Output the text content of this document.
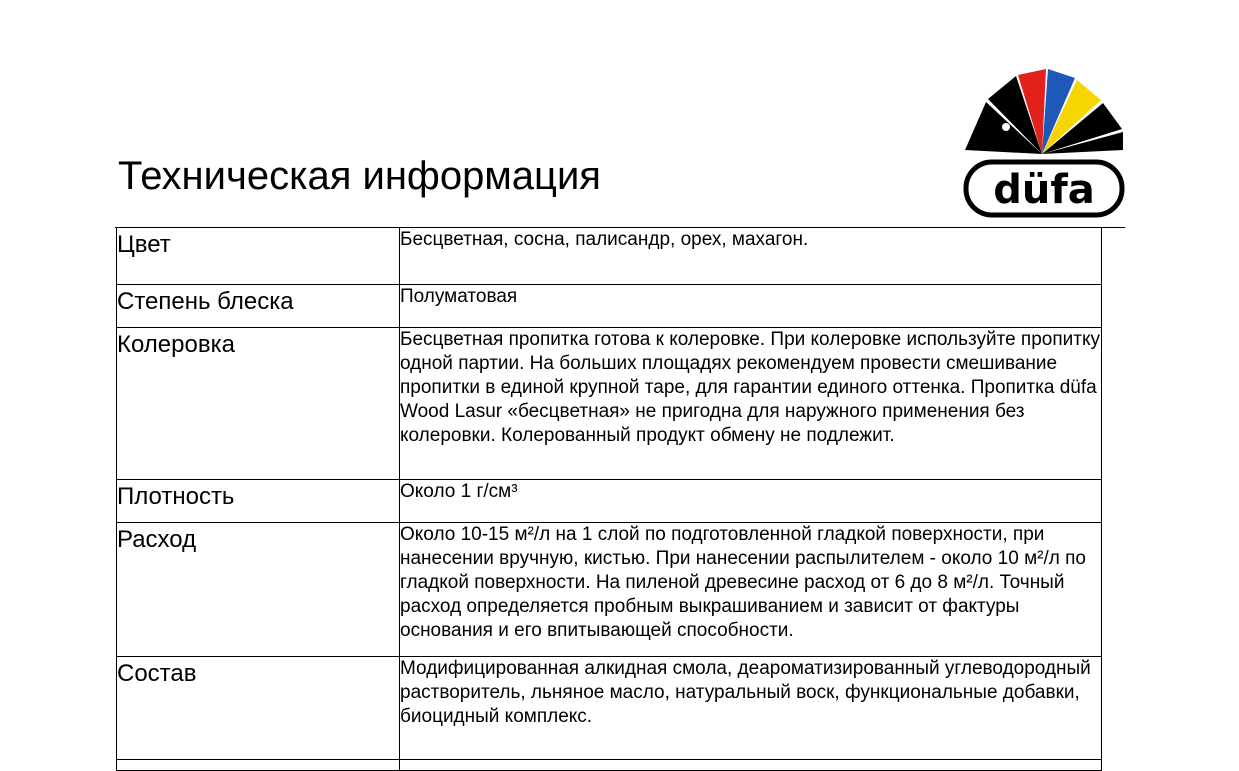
Техническая информация	düfa
Цвет	Бесцветная, сосна, палисандр, орех, махагон.

Степень блеска	Полуматовая

Колеровка	Бесцветная пропитка готова к колеровке. При колеровке используйте пропитку одной партии. На больших площадях рекомендуем провести смешивание пропитки в единой крупной таре, для гарантии единого оттенка. Пропитка düfa Wood Lasur «бесцветная» не пригодна для наружного применения без колеровки. Колерованный продукт обмену не подлежит.

Плотность	Около 1 г/см³

Расход	Около 10-15 м²/л на 1 слой по подготовленной гладкой поверхности, при нанесении вручную, кистью. При нанесении распылителем - около 10 м²/л по гладкой поверхности. На пиленой древесине расход от 6 до 8 м²/л. Точный расход определяется пробным выкрашиванием и зависит от фактуры основания и его впитывающей способности.

Состав	Модифицированная алкидная смола, деароматизированный углеводородный растворитель, льняное масло, натуральный воск, функциональные добавки, биоцидный комплекс.
